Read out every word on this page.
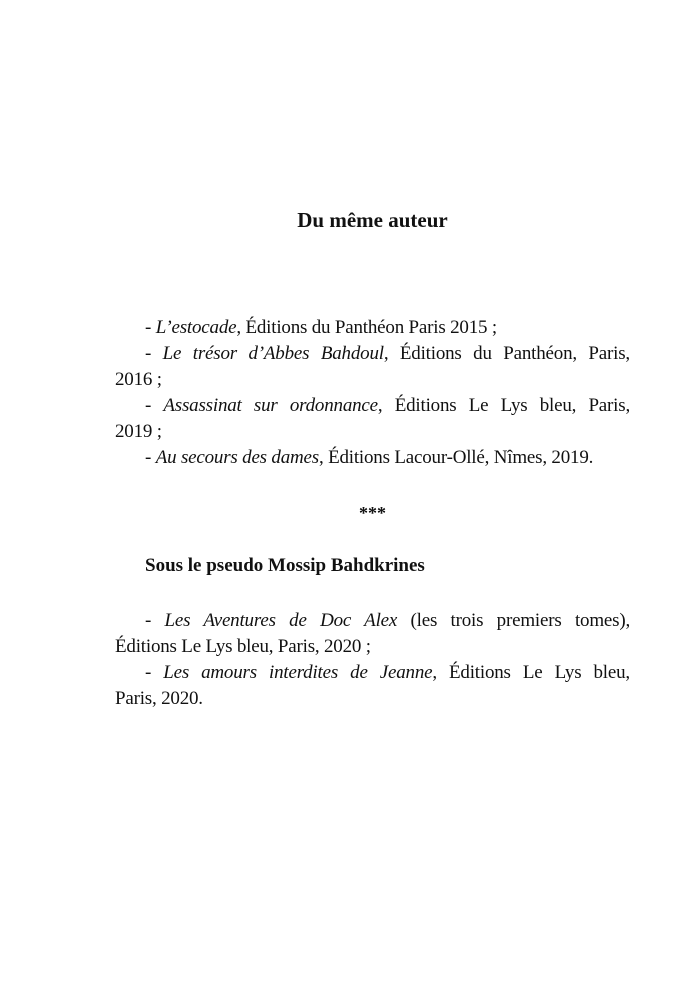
Du même auteur
- L’estocade, Éditions du Panthéon Paris 2015 ;
- Le trésor d’Abbes Bahdoul, Éditions du Panthéon, Paris,
2016 ;
- Assassinat sur ordonnance, Éditions Le Lys bleu, Paris,
2019 ;
- Au secours des dames, Éditions Lacour-Ollé, Nîmes, 2019.
***
Sous le pseudo Mossip Bahdkrines
- Les Aventures de Doc Alex (les trois premiers tomes),
Éditions Le Lys bleu, Paris, 2020 ;
- Les amours interdites de Jeanne, Éditions Le Lys bleu,
Paris, 2020.
